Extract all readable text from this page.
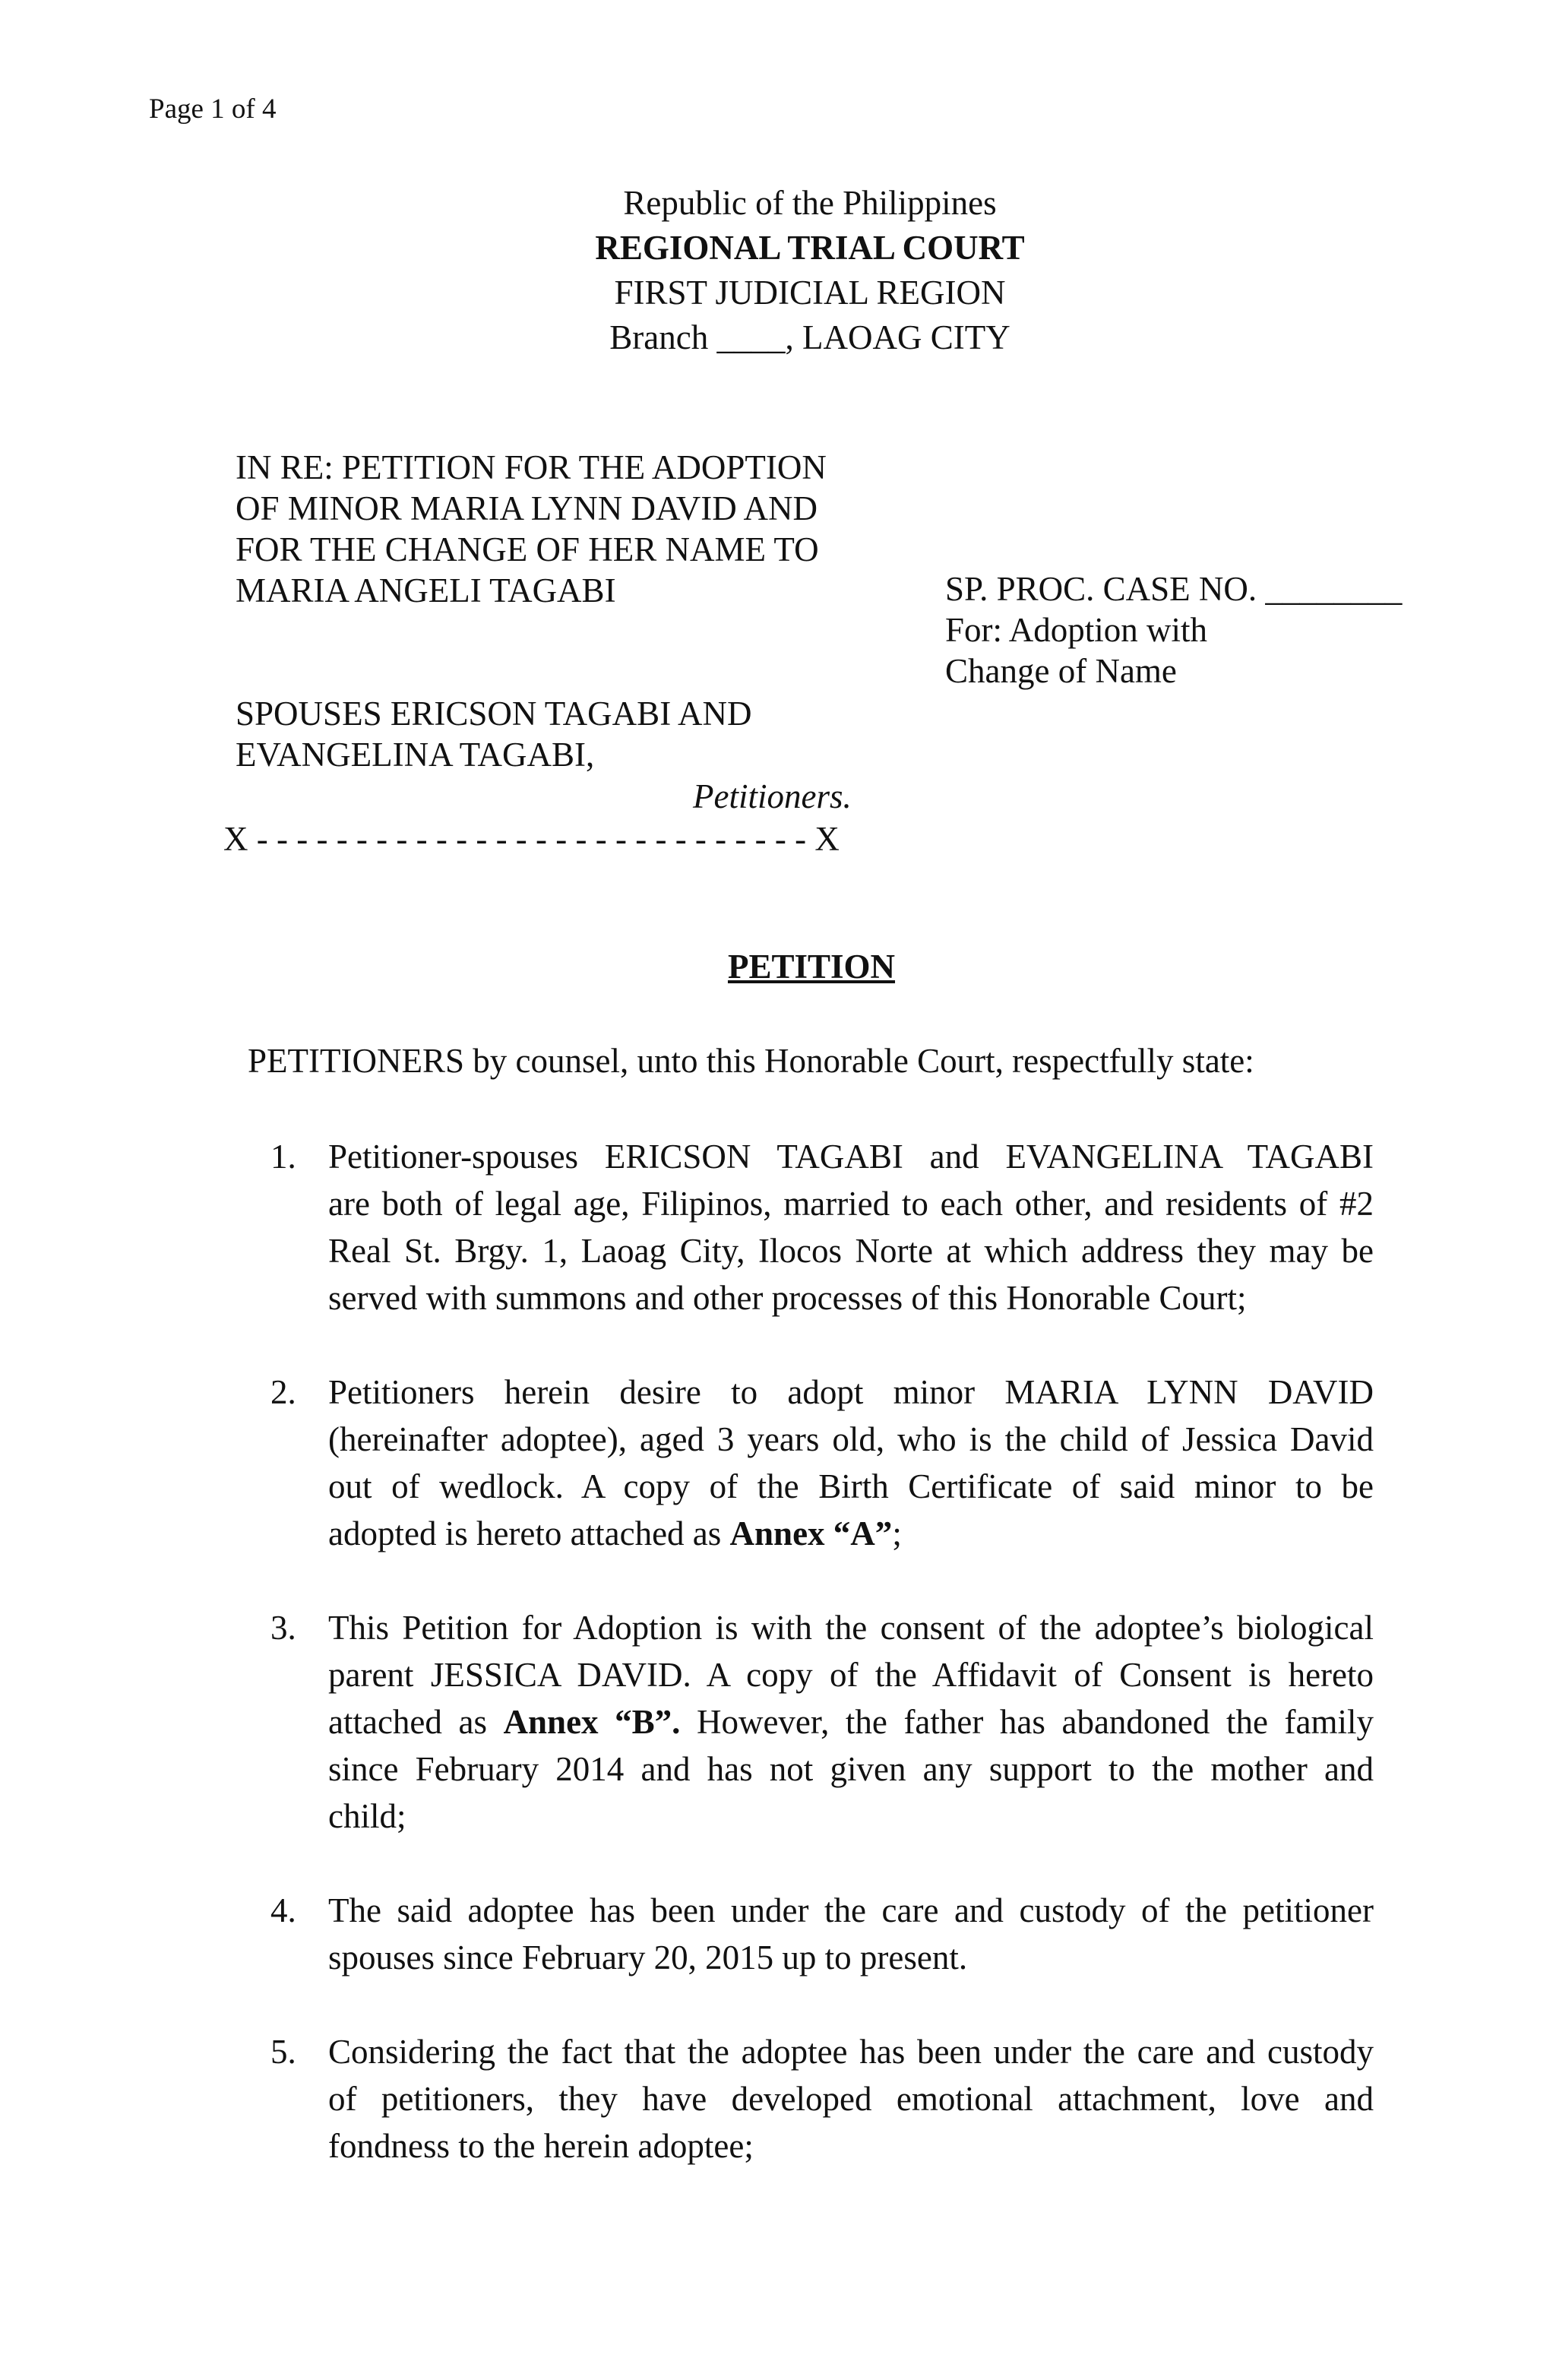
Page 1 of 4
Republic of the Philippines
REGIONAL TRIAL COURT
FIRST JUDICIAL REGION
Branch ____, LAOAG CITY
IN RE: PETITION FOR THE ADOPTION
OF MINOR MARIA LYNN DAVID AND
FOR THE CHANGE OF HER NAME TO
MARIA ANGELI TAGABI	SP. PROC. CASE NO. ________
For: Adoption with
Change of Name
SPOUSES ERICSON TAGABI AND
EVANGELINA TAGABI,
Petitioners.
X - - - - - - - - - - - - - - - - - - - - - - - - - - - - X
PETITION
PETITIONERS by counsel, unto this Honorable Court, respectfully state:
1. Petitioner-spouses ERICSON TAGABI and EVANGELINA TAGABI
are both of legal age, Filipinos, married to each other, and residents of #2
Real St. Brgy. 1, Laoag City, Ilocos Norte at which address they may be
served with summons and other processes of this Honorable Court;
2. Petitioners herein desire to adopt minor MARIA LYNN DAVID
(hereinafter adoptee), aged 3 years old, who is the child of Jessica David
out of wedlock. A copy of the Birth Certificate of said minor to be
adopted is hereto attached as Annex “A”;
3. This Petition for Adoption is with the consent of the adoptee’s biological
parent JESSICA DAVID. A copy of the Affidavit of Consent is hereto
attached as Annex “B”. However, the father has abandoned the family
since February 2014 and has not given any support to the mother and
child;
4. The said adoptee has been under the care and custody of the petitioner
spouses since February 20, 2015 up to present.
5. Considering the fact that the adoptee has been under the care and custody
of petitioners, they have developed emotional attachment, love and
fondness to the herein adoptee;
